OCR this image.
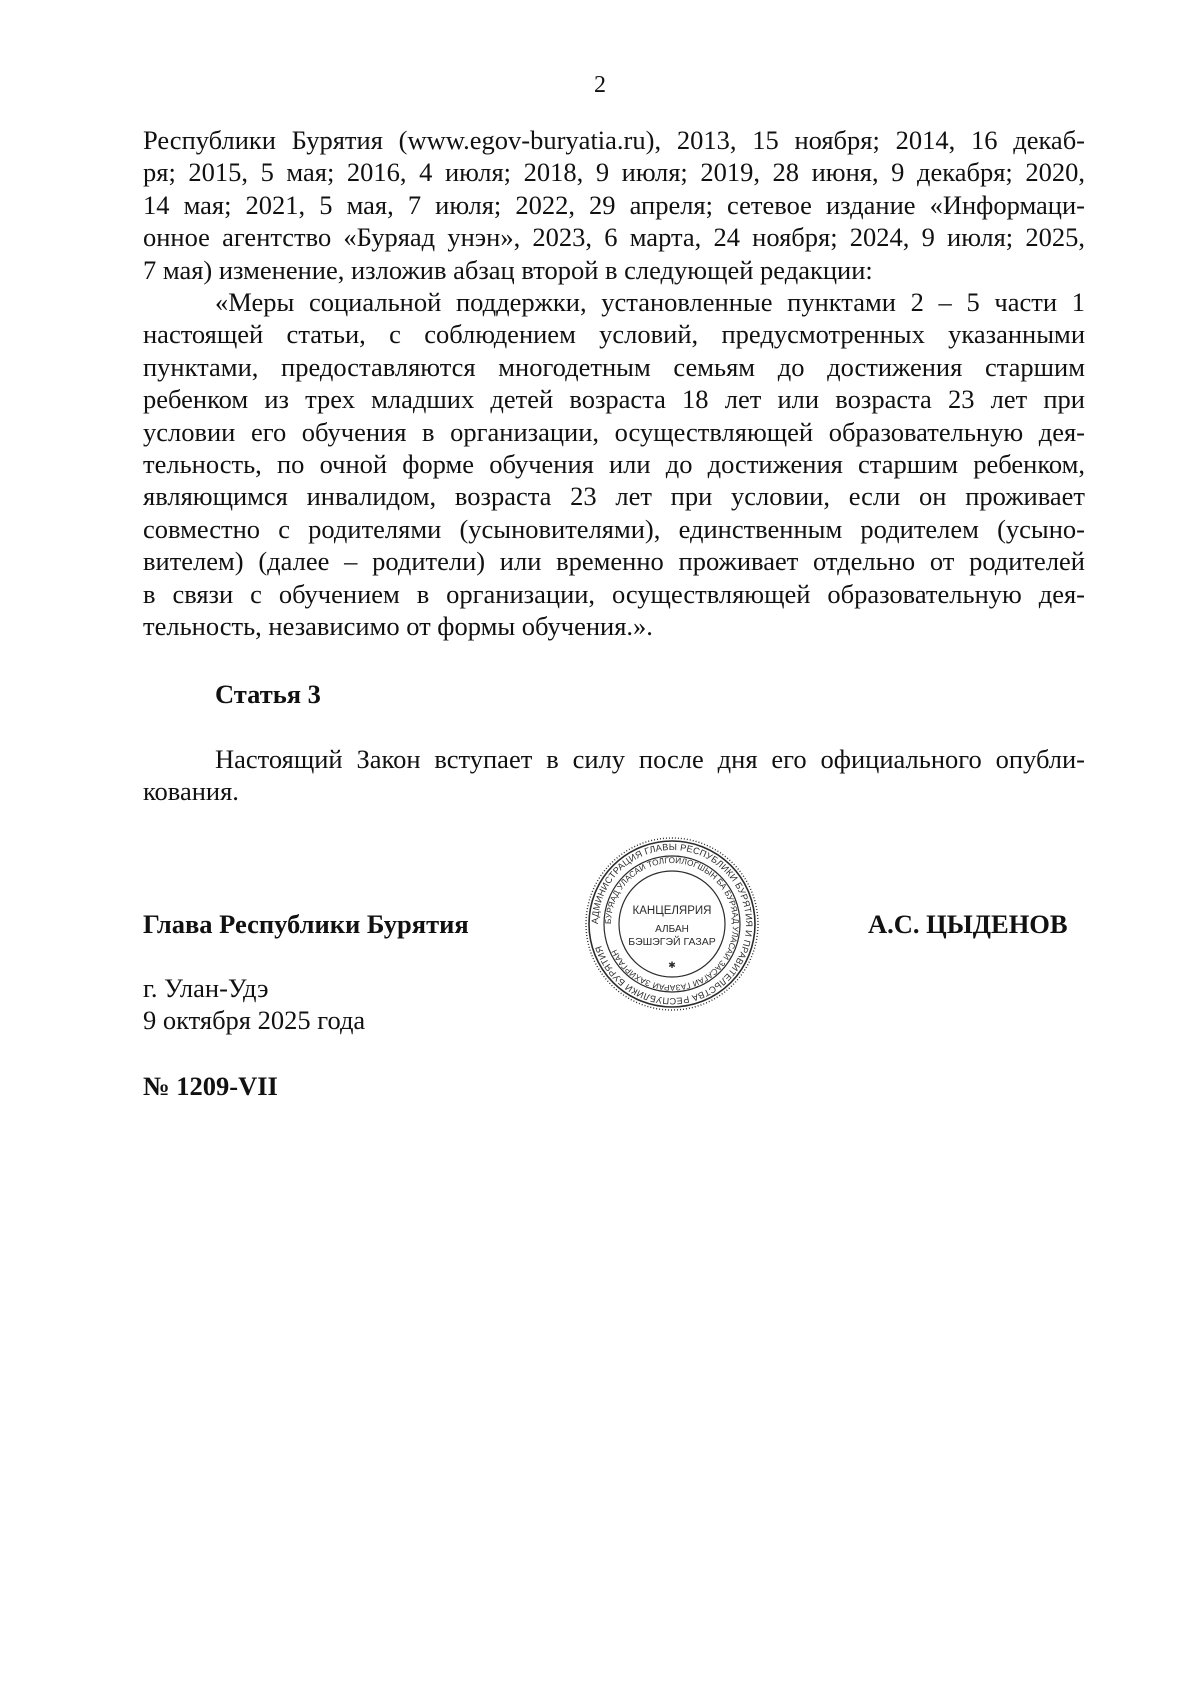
2

Республики Бурятия (www.egov-buryatia.ru), 2013, 15 ноября; 2014, 16 декаб-
ря; 2015, 5 мая; 2016, 4 июля; 2018, 9 июля; 2019, 28 июня, 9 декабря; 2020,
14 мая; 2021, 5 мая, 7 июля; 2022, 29 апреля; сетевое издание «Информаци-
онное агентство «Буряад унэн», 2023, 6 марта, 24 ноября; 2024, 9 июля; 2025,
7 мая) изменение, изложив абзац второй в следующей редакции:

«Меры социальной поддержки, установленные пунктами 2 – 5 части 1
настоящей статьи, с соблюдением условий, предусмотренных указанными
пунктами, предоставляются многодетным семьям до достижения старшим
ребенком из трех младших детей возраста 18 лет или возраста 23 лет при
условии его обучения в организации, осуществляющей образовательную дея-
тельность, по очной форме обучения или до достижения старшим ребенком,
являющимся инвалидом, возраста 23 лет при условии, если он проживает
совместно с родителями (усыновителями), единственным родителем (усыно-
вителем) (далее – родители) или временно проживает отдельно от родителей
в связи с обучением в организации, осуществляющей образовательную дея-
тельность, независимо от формы обучения.».

Статья 3

Настоящий Закон вступает в силу после дня его официального опубли-
кования.

Глава Республики Бурятия	А.С. ЦЫДЕНОВ
г. Улан-Удэ
9 октября 2025 года
№ 1209-VII
АДМИНИСТРАЦИЯ ГЛАВЫ РЕСПУБЛИКИ БУРЯТИЯ И ПРАВИТЕЛЬСТВА РЕСПУБЛИКИ БУРЯТИЯ
БУРЯАД УЛАСАЙ ТОЛГОЙЛОГШЫН БА БУРЯАД УЛАСАЙ ЗАСАГАЙ ГАЗАРАЙ ЗАХИРГААН
КАНЦЕЛЯРИЯ
АЛБАН
БЭШЭГЭЙ ГАЗАР
✱
